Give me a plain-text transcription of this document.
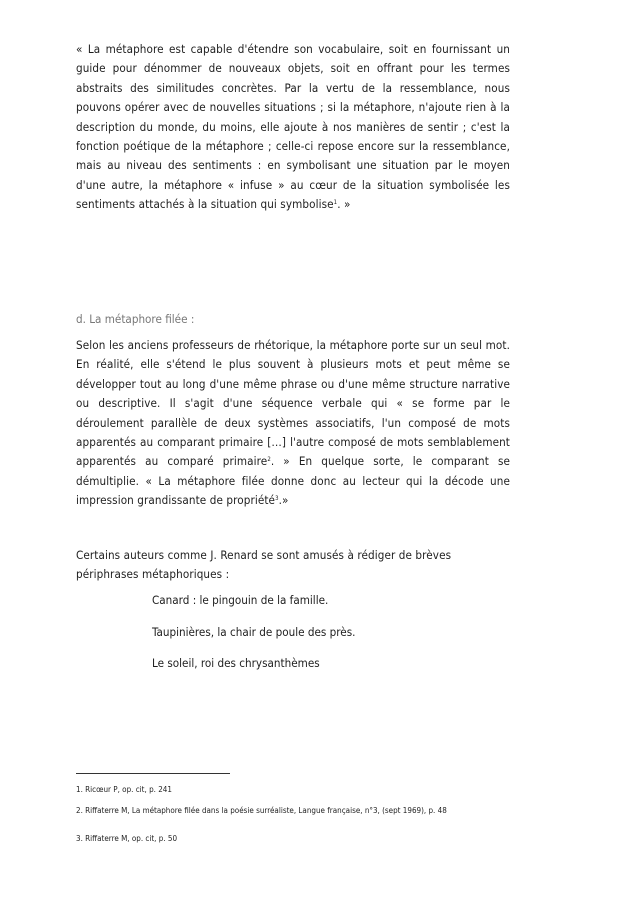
« La métaphore est capable d'étendre son vocabulaire, soit en fournissant un guide pour dénommer de nouveaux objets, soit en offrant pour les termes abstraits des similitudes concrètes. Par la vertu de la ressemblance, nous pouvons opérer avec de nouvelles situations ; si la métaphore, n'ajoute rien à la description du monde, du moins, elle ajoute à nos manières de sentir ; c'est la fonction poétique de la métaphore ; celle-ci repose encore sur la ressemblance, mais au niveau des sentiments : en symbolisant une situation par le moyen d'une autre, la métaphore « infuse » au cœur de la situation symbolisée les sentiments attachés à la situation qui symbolise$^1$. »

d. La métaphore filée :

Selon les anciens professeurs de rhétorique, la métaphore porte sur un seul mot. En réalité, elle s'étend le plus souvent à plusieurs mots et peut même se développer tout au long d'une même phrase ou d'une même structure narrative ou descriptive. Il s'agit d'une séquence verbale qui « se forme par le déroulement parallèle de deux systèmes associatifs, l'un composé de mots apparentés au comparant primaire […] l'autre composé de mots semblablement apparentés au comparé primaire$^2$. » En quelque sorte, le comparant se démultiplie. « La métaphore filée donne donc au lecteur qui la décode une impression grandissante de propriété$^3$.»

Certains auteurs comme J. Renard se sont amusés à rédiger de brèves périphrases métaphoriques :

Canard : le pingouin de la famille.
Taupinières, la chair de poule des près.
Le soleil, roi des chrysanthèmes
1. Ricœur P, op. cit, p. 241
2. Riffaterre M, La métaphore filée dans la poésie surréaliste, Langue française, n°3, (sept 1969), p. 48
3. Riffaterre M, op. cit, p. 50
